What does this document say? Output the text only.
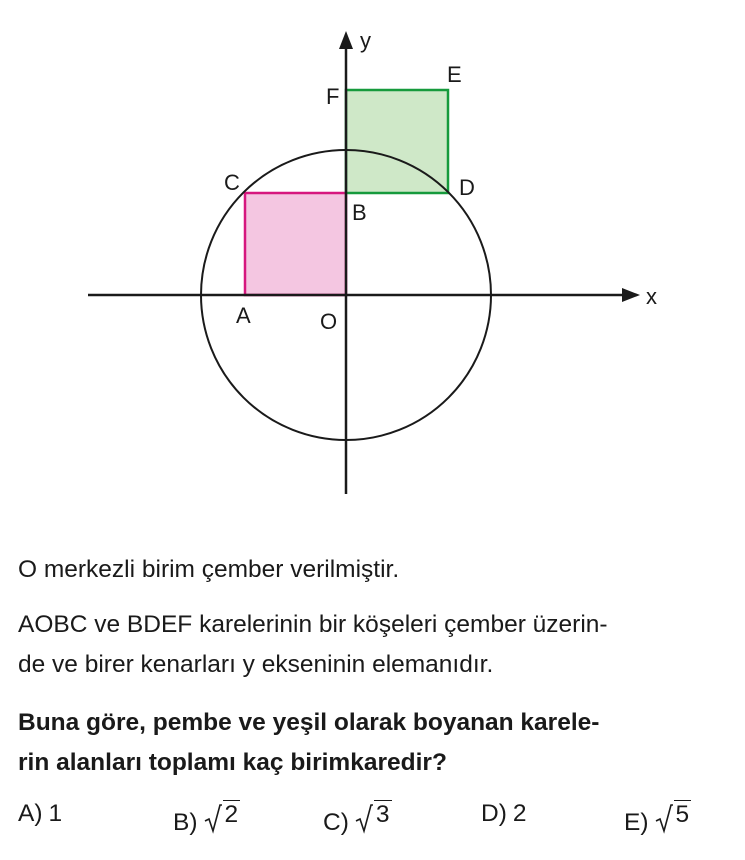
y
x
O
A
B
C	D
E
F
O merkezli birim çember verilmiştir.
AOBC ve BDEF karelerinin bir köşeleri çember üzerin-
de ve birer kenarları y ekseninin elemanıdır.
Buna göre, pembe ve yeşil olarak boyanan karele-
rin alanları toplamı kaç birimkaredir?
A) 1	B) 2	C) 3	D) 2	E) 5
